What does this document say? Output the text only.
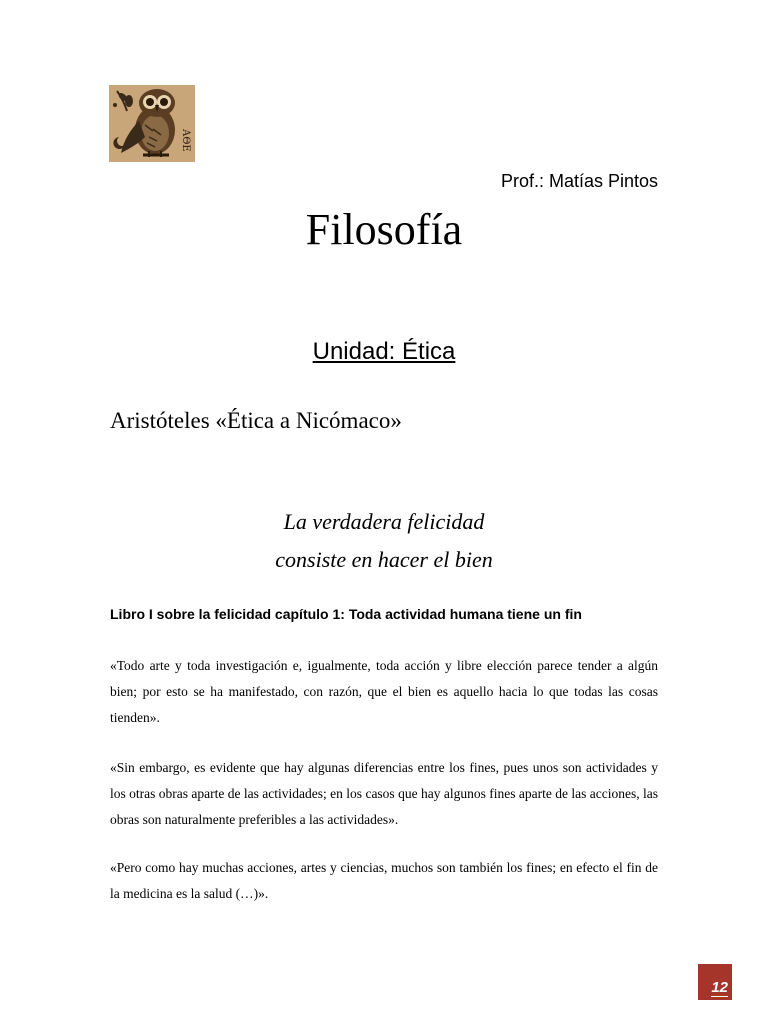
ΑΘΕ
Prof.: Matías Pintos
Filosofía
Unidad: Ética
Aristóteles «Ética a Nicómaco»
La verdadera felicidad
consiste en hacer el bien
Libro I sobre la felicidad capítulo 1: Toda actividad humana tiene un fin
«Todo arte y toda investigación e, igualmente, toda acción y libre elección parece tender a algún bien; por esto se ha manifestado, con razón, que el bien es aquello hacia lo que todas las cosas tienden».
«Sin embargo, es evidente que hay algunas diferencias entre los fines, pues unos son actividades y los otras obras aparte de las actividades; en los casos que hay algunos fines aparte de las acciones, las obras son naturalmente preferibles a las actividades».
«Pero como hay muchas acciones, artes y ciencias, muchos son también los fines; en efecto el fin de la medicina es la salud (…)».
12
